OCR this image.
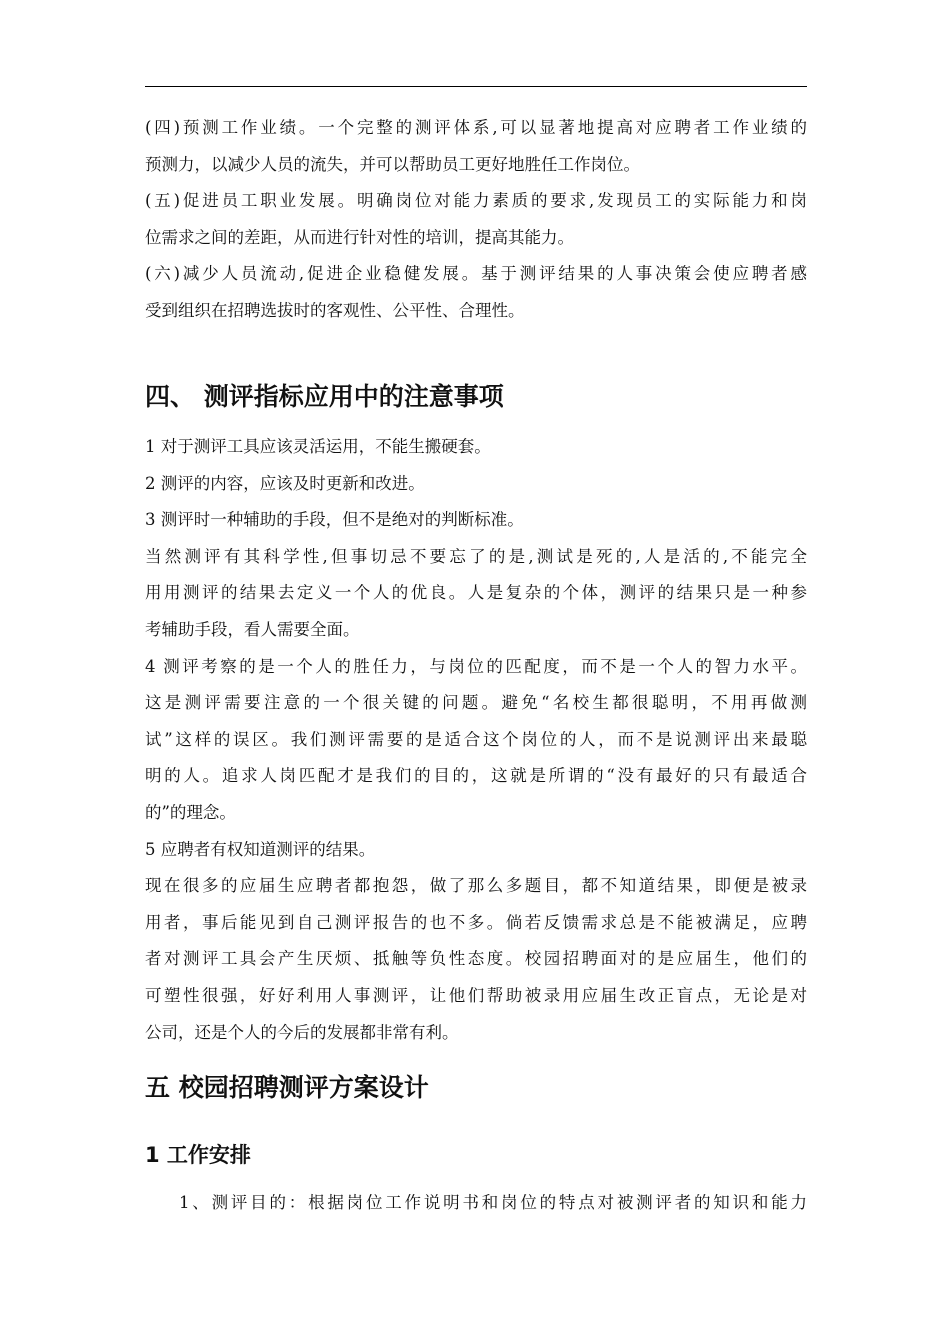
(四)预测工作业绩。一个完整的测评体系,可以显著地提高对应聘者工作业绩的

预测力，以减少人员的流失，并可以帮助员工更好地胜任工作岗位。

(五)促进员工职业发展。明确岗位对能力素质的要求,发现员工的实际能力和岗

位需求之间的差距，从而进行针对性的培训，提高其能力。

(六)减少人员流动,促进企业稳健发展。基于测评结果的人事决策会使应聘者感

受到组织在招聘选拔时的客观性、公平性、合理性。

四、 测评指标应用中的注意事项

1 对于测评工具应该灵活运用，不能生搬硬套。

2 测评的内容，应该及时更新和改进。

3 测评时一种辅助的手段，但不是绝对的判断标准。

当然测评有其科学性,但事切忌不要忘了的是,测试是死的,人是活的,不能完全

用用测评的结果去定义一个人的优良。人是复杂的个体，测评的结果只是一种参

考辅助手段，看人需要全面。

4 测评考察的是一个人的胜任力，与岗位的匹配度，而不是一个人的智力水平。

这是测评需要注意的一个很关键的问题。避免“名校生都很聪明，不用再做测

试”这样的误区。我们测评需要的是适合这个岗位的人，而不是说测评出来最聪

明的人。追求人岗匹配才是我们的目的，这就是所谓的“没有最好的只有最适合

的”的理念。

5 应聘者有权知道测评的结果。

现在很多的应届生应聘者都抱怨，做了那么多题目，都不知道结果，即便是被录

用者，事后能见到自己测评报告的也不多。倘若反馈需求总是不能被满足，应聘

者对测评工具会产生厌烦、抵触等负性态度。校园招聘面对的是应届生，他们的

可塑性很强，好好利用人事测评，让他们帮助被录用应届生改正盲点，无论是对

公司，还是个人的今后的发展都非常有利。

五 校园招聘测评方案设计
1 工作安排

1、测评目的：根据岗位工作说明书和岗位的特点对被测评者的知识和能力
